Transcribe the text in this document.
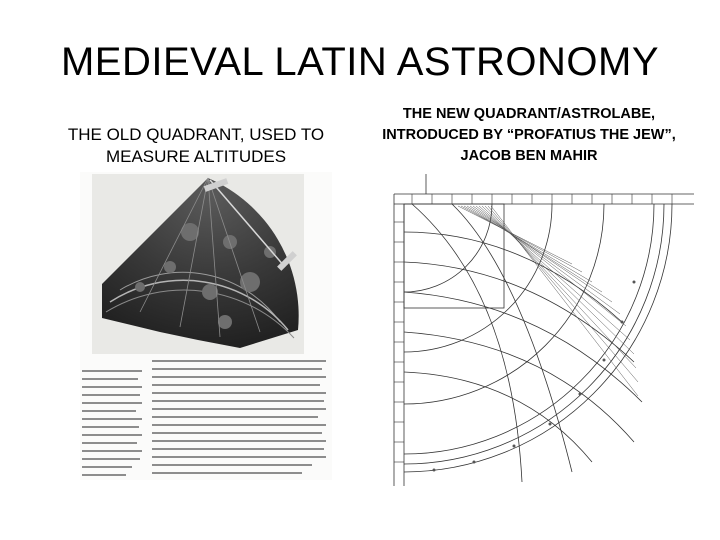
MEDIEVAL LATIN ASTRONOMY
THE OLD QUADRANT, USED TO
MEASURE ALTITUDES
THE NEW QUADRANT/ASTROLABE,
INTRODUCED BY “PROFATIUS THE JEW”,
JACOB BEN MAHIR
